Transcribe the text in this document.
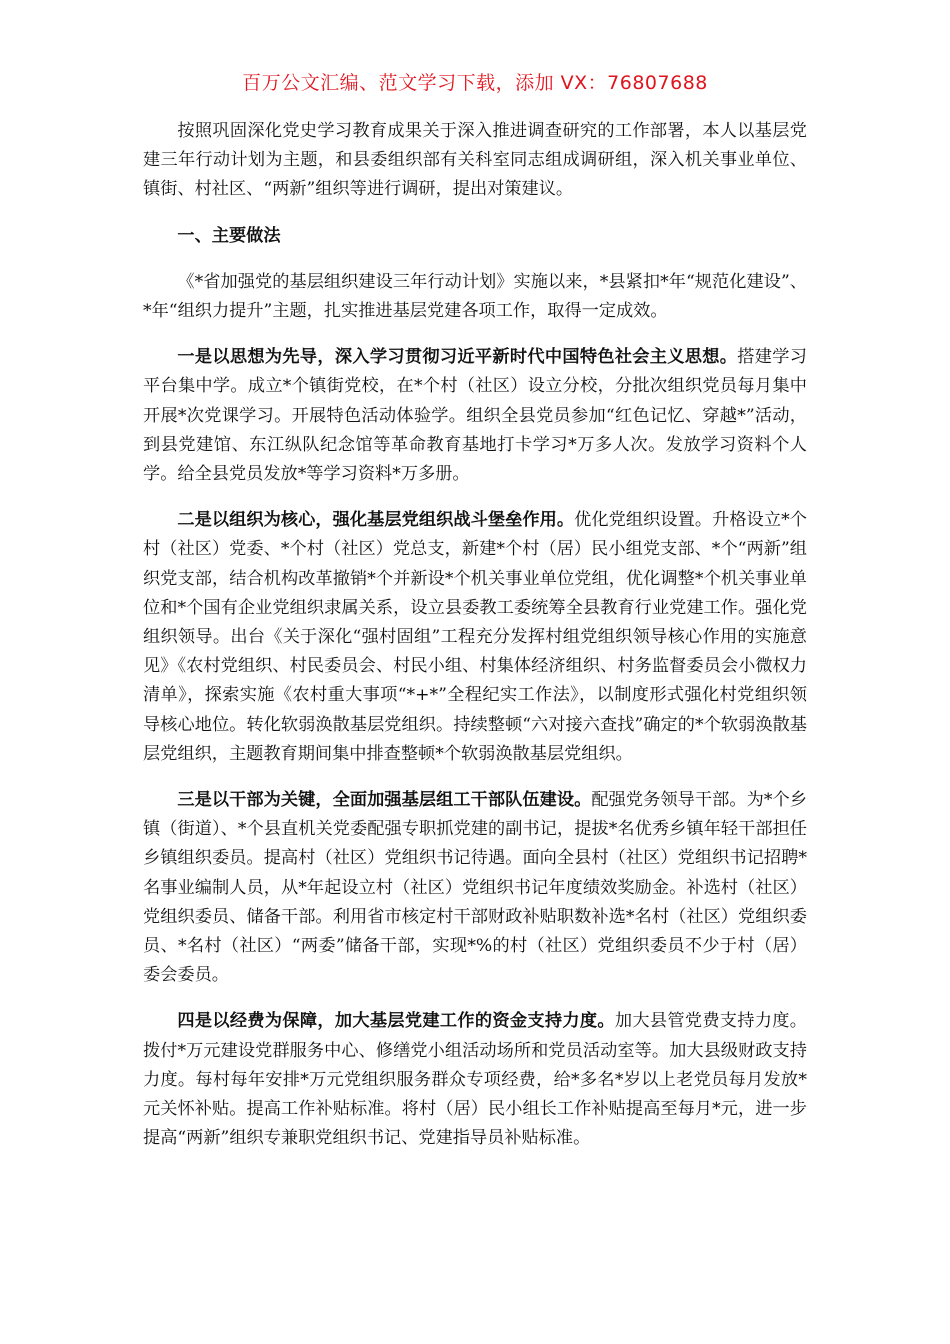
百万公文汇编、范文学习下载，添加 VX：76807688

按照巩固深化党史学习教育成果关于深入推进调查研究的工作部署，本人以基层党建三年行动计划为主题，和县委组织部有关科室同志组成调研组，深入机关事业单位、镇街、村社区、“两新”组织等进行调研，提出对策建议。

一、主要做法

《*省加强党的基层组织建设三年行动计划》实施以来，*县紧扣*年“规范化建设”、*年“组织力提升”主题，扎实推进基层党建各项工作，取得一定成效。

一是以思想为先导，深入学习贯彻习近平新时代中国特色社会主义思想。搭建学习平台集中学。成立*个镇街党校，在*个村（社区）设立分校，分批次组织党员每月集中开展*次党课学习。开展特色活动体验学。组织全县党员参加“红色记忆、穿越*”活动，到县党建馆、东江纵队纪念馆等革命教育基地打卡学习*万多人次。发放学习资料个人学。给全县党员发放*等学习资料*万多册。

二是以组织为核心，强化基层党组织战斗堡垒作用。优化党组织设置。升格设立*个村（社区）党委、*个村（社区）党总支，新建*个村（居）民小组党支部、*个“两新”组织党支部，结合机构改革撤销*个并新设*个机关事业单位党组，优化调整*个机关事业单位和*个国有企业党组织隶属关系，设立县委教工委统筹全县教育行业党建工作。强化党组织领导。出台《关于深化“强村固组”工程充分发挥村组党组织领导核心作用的实施意见》《农村党组织、村民委员会、村民小组、村集体经济组织、村务监督委员会小微权力清单》，探索实施《农村重大事项“*+*”全程纪实工作法》，以制度形式强化村党组织领导核心地位。转化软弱涣散基层党组织。持续整顿“六对接六查找”确定的*个软弱涣散基层党组织，主题教育期间集中排查整顿*个软弱涣散基层党组织。

三是以干部为关键，全面加强基层组工干部队伍建设。配强党务领导干部。为*个乡镇（街道）、*个县直机关党委配强专职抓党建的副书记，提拔*名优秀乡镇年轻干部担任乡镇组织委员。提高村（社区）党组织书记待遇。面向全县村（社区）党组织书记招聘*名事业编制人员，从*年起设立村（社区）党组织书记年度绩效奖励金。补选村（社区）党组织委员、储备干部。利用省市核定村干部财政补贴职数补选*名村（社区）党组织委员、*名村（社区）“两委”储备干部，实现*%的村（社区）党组织委员不少于村（居）委会委员。

四是以经费为保障，加大基层党建工作的资金支持力度。加大县管党费支持力度。拨付*万元建设党群服务中心、修缮党小组活动场所和党员活动室等。加大县级财政支持力度。每村每年安排*万元党组织服务群众专项经费，给*多名*岁以上老党员每月发放*元关怀补贴。提高工作补贴标准。将村（居）民小组长工作补贴提高至每月*元，进一步提高“两新”组织专兼职党组织书记、党建指导员补贴标准。
